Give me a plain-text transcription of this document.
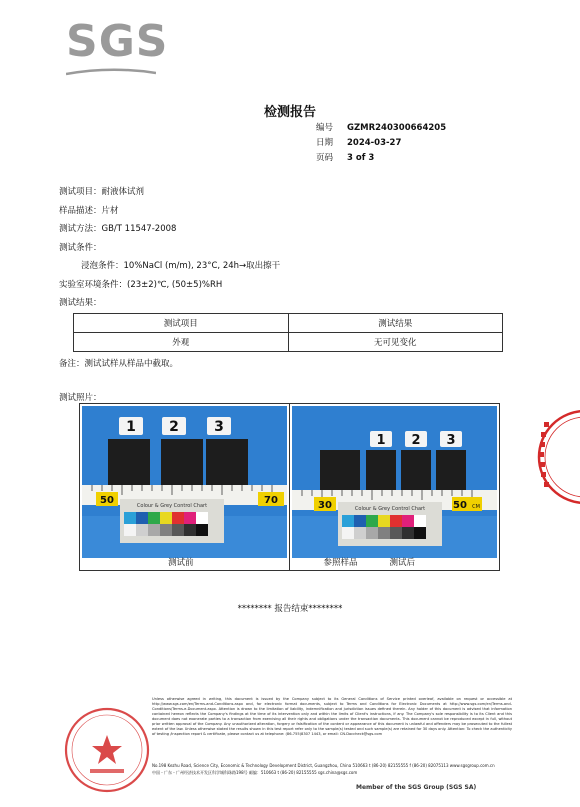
SGS
检测报告
编号	GZMR240300664205
日期	2024-03-27
页码	3 of 3
测试项目：耐液体试剂
样品描述：片材
测试方法：GB/T 11547-2008
测试条件：
浸泡条件：10%NaCl (m/m), 23°C, 24h→取出擦干
实验室环境条件：(23±2)℃, (50±5)%RH
测试结果：
测试项目	测试结果
外观	无可见变化
备注：测试试样从样品中截取。
测试照片：
1 2	3
50	70
Colour & Grey Control Chart
测试前
1 2 3
30	50 CM
Colour & Grey Control Chart
参照样品	测试后
******** 报告结束********
Unless otherwise agreed in writing, this document is issued by the Company subject to its General Conditions of Service printed overleaf, available on request or accessible at http://www.sgs.com/en/Terms-and-Conditions.aspx and, for electronic format documents, subject to Terms and Conditions for Electronic Documents at http://www.sgs.com/en/Terms-and-Conditions/Terms-e-Document.aspx. Attention is drawn to the limitation of liability, indemnification and jurisdiction issues defined therein. Any holder of this document is advised that information contained hereon reflects the Company's findings at the time of its intervention only and within the limits of Client's instructions, if any. The Company's sole responsibility is to its Client and this document does not exonerate parties to a transaction from exercising all their rights and obligations under the transaction documents. This document cannot be reproduced except in full, without prior written approval of the Company. Any unauthorized alteration, forgery or falsification of the content or appearance of this document is unlawful and offenders may be prosecuted to the fullest extent of the law. Unless otherwise stated the results shown in this test report refer only to the sample(s) tested and such sample(s) are retained for 30 days only. Attention: To check the authenticity of testing /inspection report & certificate, please contact us at telephone: (86-755)8307 1443, or email: CN.Doccheck@sgs.com
No.198 Kezhu Road, Science City, Economic & Technology Development District, Guangzhou, China 510663 t (86-20) 82155555 f (86-20) 82075113 www.sgsgroup.com.cn
中国・广东・广州经济技术开发区科学城科珠路198号 邮编：510663 t (86-20) 82155555 sgs.china@sgs.com
Member of the SGS Group (SGS SA)
